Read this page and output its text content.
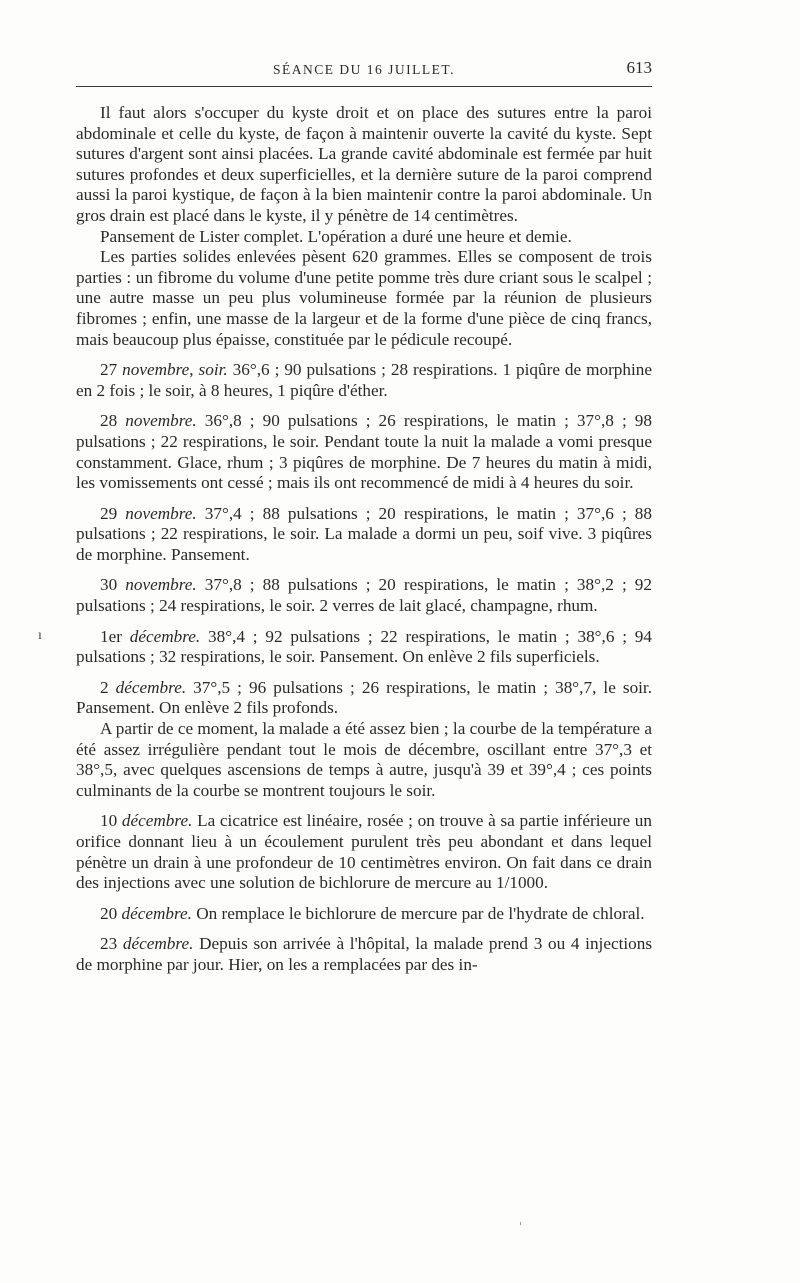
SÉANCE DU 16 JUILLET.	613

Il faut alors s'occuper du kyste droit et on place des sutures entre la paroi abdominale et celle du kyste, de façon à maintenir ouverte la cavité du kyste. Sept sutures d'argent sont ainsi placées. La grande cavité abdominale est fermée par huit sutures profondes et deux superficielles, et la dernière suture de la paroi comprend aussi la paroi kystique, de façon à la bien maintenir contre la paroi abdominale. Un gros drain est placé dans le kyste, il y pénètre de 14 centimètres.

Pansement de Lister complet. L'opération a duré une heure et demie.

Les parties solides enlevées pèsent 620 grammes. Elles se composent de trois parties : un fibrome du volume d'une petite pomme très dure criant sous le scalpel ; une autre masse un peu plus volumineuse formée par la réunion de plusieurs fibromes ; enfin, une masse de la largeur et de la forme d'une pièce de cinq francs, mais beaucoup plus épaisse, constituée par le pédicule recoupé.

27 novembre, soir. 36°,6 ; 90 pulsations ; 28 respirations. 1 piqûre de morphine en 2 fois ; le soir, à 8 heures, 1 piqûre d'éther.

28 novembre. 36°,8 ; 90 pulsations ; 26 respirations, le matin ; 37°,8 ; 98 pulsations ; 22 respirations, le soir. Pendant toute la nuit la malade a vomi presque constamment. Glace, rhum ; 3 piqûres de morphine. De 7 heures du matin à midi, les vomissements ont cessé ; mais ils ont recommencé de midi à 4 heures du soir.

29 novembre. 37°,4 ; 88 pulsations ; 20 respirations, le matin ; 37°,6 ; 88 pulsations ; 22 respirations, le soir. La malade a dormi un peu, soif vive. 3 piqûres de morphine. Pansement.

30 novembre. 37°,8 ; 88 pulsations ; 20 respirations, le matin ; 38°,2 ; 92 pulsations ; 24 respirations, le soir. 2 verres de lait glacé, champagne, rhum.

1er décembre. 38°,4 ; 92 pulsations ; 22 respirations, le matin ; 38°,6 ; 94 pulsations ; 32 respirations, le soir. Pansement. On enlève 2 fils superficiels.

2 décembre. 37°,5 ; 96 pulsations ; 26 respirations, le matin ; 38°,7, le soir. Pansement. On enlève 2 fils profonds.

A partir de ce moment, la malade a été assez bien ; la courbe de la température a été assez irrégulière pendant tout le mois de décembre, oscillant entre 37°,3 et 38°,5, avec quelques ascensions de temps à autre, jusqu'à 39 et 39°,4 ; ces points culminants de la courbe se montrent toujours le soir.

10 décembre. La cicatrice est linéaire, rosée ; on trouve à sa partie inférieure un orifice donnant lieu à un écoulement purulent très peu abondant et dans lequel pénètre un drain à une profondeur de 10 centimètres environ. On fait dans ce drain des injections avec une solution de bichlorure de mercure au 1/1000.

20 décembre. On remplace le bichlorure de mercure par de l'hydrate de chloral.

23 décembre. Depuis son arrivée à l'hôpital, la malade prend 3 ou 4 injections de morphine par jour. Hier, on les a remplacées par des in-

ı
